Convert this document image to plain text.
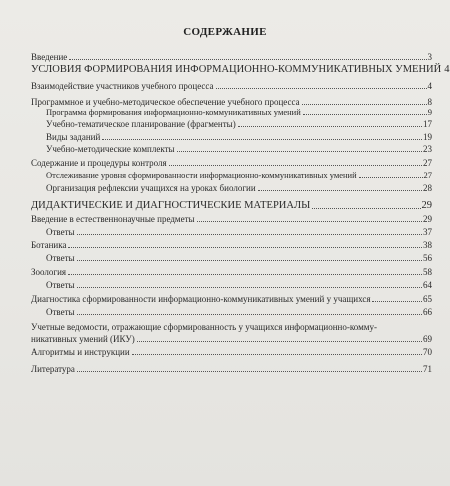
СОДЕРЖАНИЕ
Введение	3
УСЛОВИЯ ФОРМИРОВАНИЯ ИНФОРМАЦИОННО-КОММУНИКАТИВНЫХ УМЕНИЙ 4
Взаимодействие участников учебного процесса	4
Программное и учебно-методическое обеспечение учебного процесса	8
Программа формирования информационно-коммуникативных умений	9
Учебно-тематическое планирование (фрагменты)	17
Виды заданий	19
Учебно-методические комплекты	23
Содержание и процедуры контроля	27
Отслеживание уровня сформированности информационно-коммуникативных умений	27
Организация рефлексии учащихся на уроках биологии	28
ДИДАКТИЧЕСКИЕ И ДИАГНОСТИЧЕСКИЕ МАТЕРИАЛЫ	29
Введение в естественнонаучные предметы	29
Ответы	37
Ботаника	38
Ответы	56
Зоология	58
Ответы	64
Диагностика сформированности информационно-коммуникативных умений у учащихся	65
Ответы	66
Учетные ведомости, отражающие сформированность у учащихся информационно-комму-
никативных умений (ИКУ)	69
Алгоритмы и инструкции	70
Литература	71
